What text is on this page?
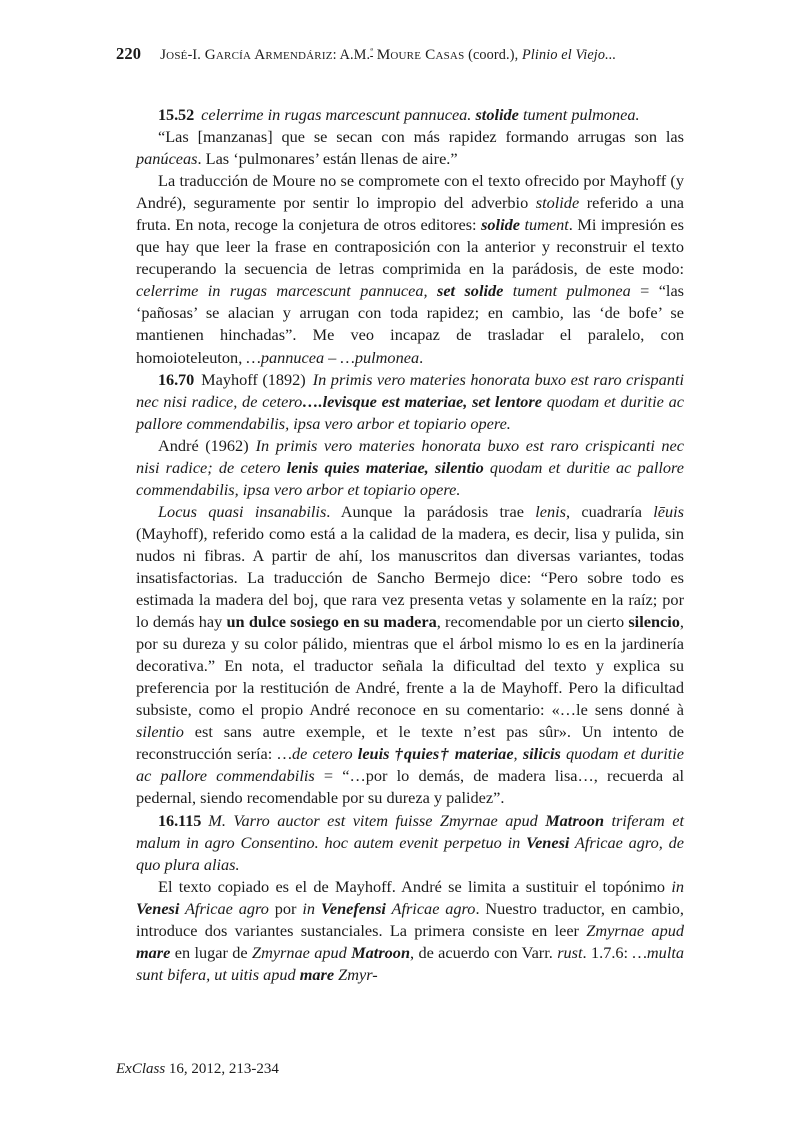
220 José-I. García Armendáriz: A.M.$^ª$ Moure Casas (coord.), Plinio el Viejo...

15.52 celerrime in rugas marcescunt pannucea. stolide tument pulmonea.

“Las [manzanas] que se secan con más rapidez formando arrugas son las panúceas. Las ‘pulmonares’ están llenas de aire.”

La traducción de Moure no se compromete con el texto ofrecido por Mayhoff (y André), seguramente por sentir lo impropio del adverbio stolide referido a una fruta. En nota, recoge la conjetura de otros editores: solide tument. Mi impresión es que hay que leer la frase en contraposición con la anterior y reconstruir el texto recuperando la secuencia de letras comprimida en la parádosis, de este modo: celerrime in rugas marcescunt pannucea, set solide tument pulmonea = “las ‘pañosas’ se alacian y arrugan con toda rapidez; en cambio, las ‘de bofe’ se mantienen hinchadas”. Me veo incapaz de trasladar el paralelo, con homoioteleuton, …pannucea – …pulmonea.

16.70 Mayhoff (1892) In primis vero materies honorata buxo est raro crispanti nec nisi radice, de cetero….levisque est materiae, set lentore quodam et duritie ac pallore commendabilis, ipsa vero arbor et topiario opere.

André (1962) In primis vero materies honorata buxo est raro crispicanti nec nisi radice; de cetero lenis quies materiae, silentio quodam et duritie ac pallore commendabilis, ipsa vero arbor et topiario opere.

Locus quasi insanabilis. Aunque la parádosis trae lenis, cuadraría lēuis (Mayhoff), referido como está a la calidad de la madera, es decir, lisa y pulida, sin nudos ni fibras. A partir de ahí, los manuscritos dan diversas variantes, todas insatisfactorias. La traducción de Sancho Bermejo dice: “Pero sobre todo es estimada la madera del boj, que rara vez presenta vetas y solamente en la raíz; por lo demás hay un dulce sosiego en su madera, recomendable por un cierto silencio, por su dureza y su color pálido, mientras que el árbol mismo lo es en la jardinería decorativa.” En nota, el traductor señala la dificultad del texto y explica su preferencia por la restitución de André, frente a la de Mayhoff. Pero la dificultad subsiste, como el propio André reconoce en su comentario: «…le sens donné à silentio est sans autre exemple, et le texte n’est pas sûr». Un intento de reconstrucción sería: …de cetero leuis †quies† materiae, silicis quodam et duritie ac pallore commendabilis = “…por lo demás, de madera lisa…, recuerda al pedernal, siendo recomendable por su dureza y palidez”.

16.115 M. Varro auctor est vitem fuisse Zmyrnae apud Matroon triferam et malum in agro Consentino. hoc autem evenit perpetuo in Venesi Africae agro, de quo plura alias.

El texto copiado es el de Mayhoff. André se limita a sustituir el topónimo in Venesi Africae agro por in Venefensi Africae agro. Nuestro traductor, en cambio, introduce dos variantes sustanciales. La primera consiste en leer Zmyrnae apud mare en lugar de Zmyrnae apud Matroon, de acuerdo con Varr. rust. 1.7.6: …multa sunt bifera, ut uitis apud mare Zmyr-

ExClass 16, 2012, 213-234
